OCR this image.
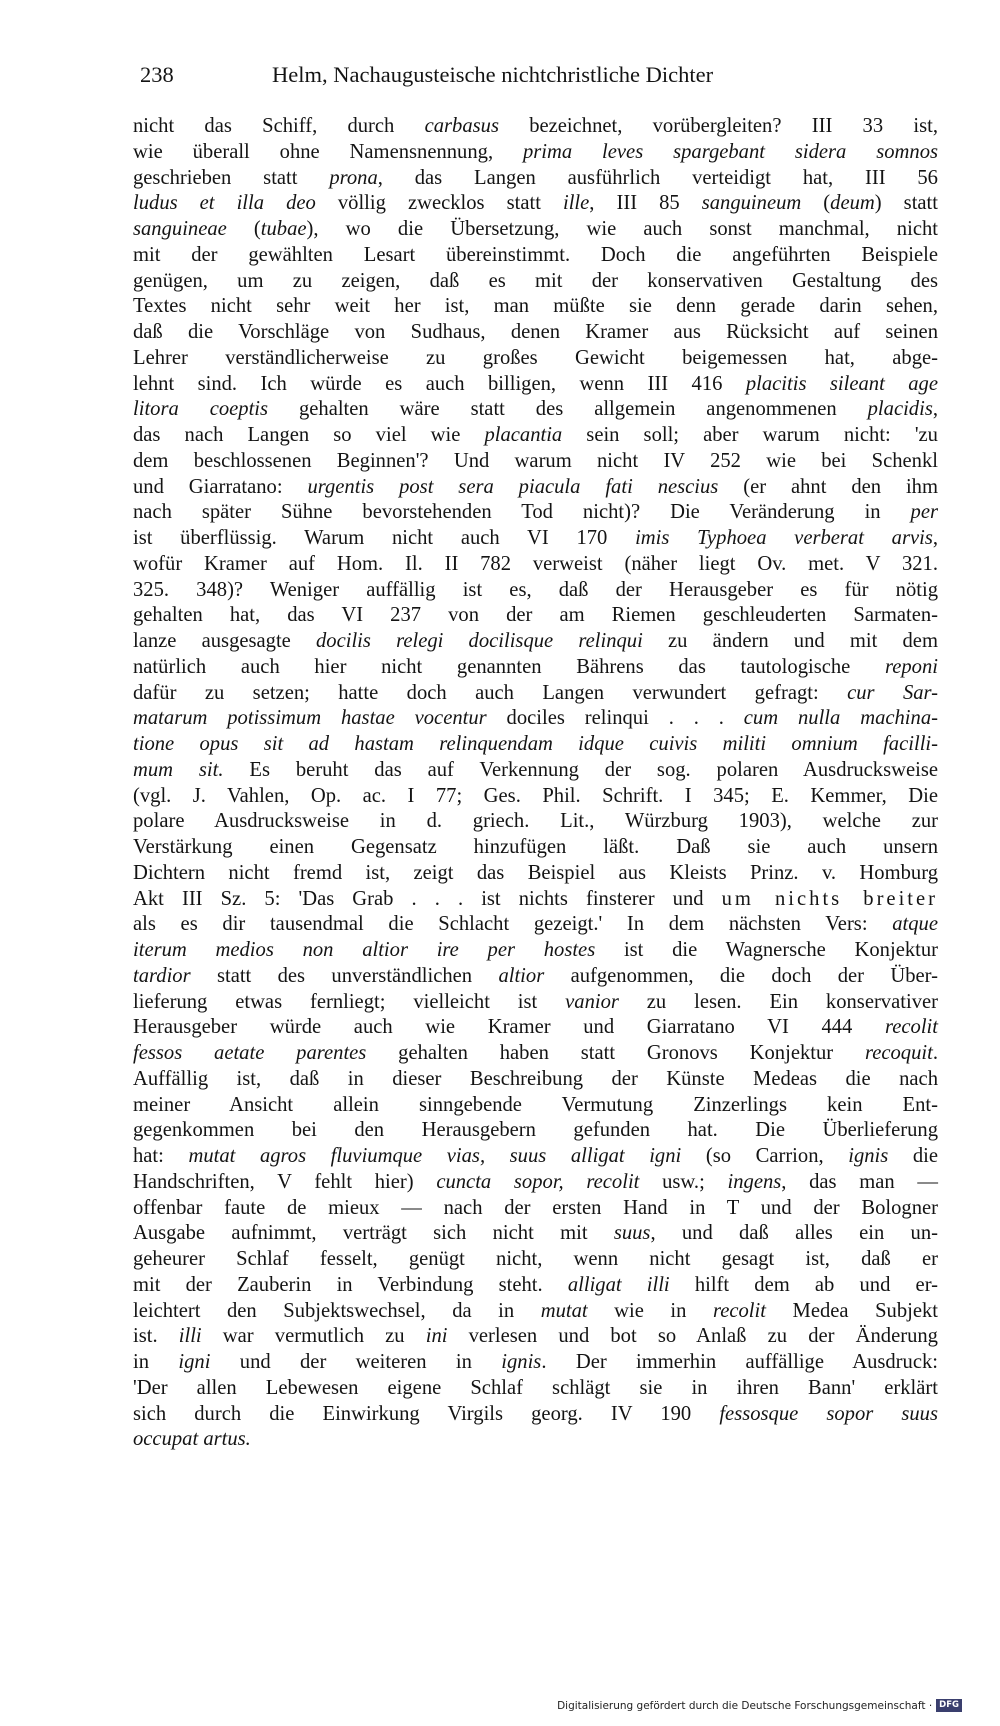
238	Helm, Nachaugusteische nichtchristliche Dichter

nicht das Schiff, durch carbasus bezeichnet, vorübergleiten? III 33 ist,
wie überall ohne Namensnennung, prima leves spargebant sidera somnos
geschrieben statt prona, das Langen ausführlich verteidigt hat, III 56
ludus et illa deo völlig zwecklos statt ille, III 85 sanguineum (deum) statt
sanguineae (tubae), wo die Übersetzung, wie auch sonst manchmal, nicht
mit der gewählten Lesart übereinstimmt. Doch die angeführten Beispiele
genügen, um zu zeigen, daß es mit der konservativen Gestaltung des
Textes nicht sehr weit her ist, man müßte sie denn gerade darin sehen,
daß die Vorschläge von Sudhaus, denen Kramer aus Rücksicht auf seinen
Lehrer verständlicherweise zu großes Gewicht beigemessen hat, abge-
lehnt sind. Ich würde es auch billigen, wenn III 416 placitis sileant age
litora coeptis gehalten wäre statt des allgemein angenommenen placidis,
das nach Langen so viel wie placantia sein soll; aber warum nicht: 'zu
dem beschlossenen Beginnen'? Und warum nicht IV 252 wie bei Schenkl
und Giarratano: urgentis post sera piacula fati nescius (er ahnt den ihm
nach später Sühne bevorstehenden Tod nicht)? Die Veränderung in per
ist überflüssig. Warum nicht auch VI 170 imis Typhoea verberat arvis,
wofür Kramer auf Hom. Il. II 782 verweist (näher liegt Ov. met. V 321.
325. 348)? Weniger auffällig ist es, daß der Herausgeber es für nötig
gehalten hat, das VI 237 von der am Riemen geschleuderten Sarmaten-
lanze ausgesagte docilis relegi docilisque relinqui zu ändern und mit dem
natürlich auch hier nicht genannten Bährens das tautologische reponi
dafür zu setzen; hatte doch auch Langen verwundert gefragt: cur Sar-
matarum potissimum hastae vocentur dociles relinqui . . . cum nulla machina-
tione opus sit ad hastam relinquendam idque cuivis militi omnium facilli-
mum sit. Es beruht das auf Verkennung der sog. polaren Ausdrucksweise
(vgl. J. Vahlen, Op. ac. I 77; Ges. Phil. Schrift. I 345; E. Kemmer, Die
polare Ausdrucksweise in d. griech. Lit., Würzburg 1903), welche zur
Verstärkung einen Gegensatz hinzufügen läßt. Daß sie auch unsern
Dichtern nicht fremd ist, zeigt das Beispiel aus Kleists Prinz. v. Homburg
Akt III Sz. 5: 'Das Grab . . . ist nichts finsterer und um nichts breiter
als es dir tausendmal die Schlacht gezeigt.' In dem nächsten Vers: atque
iterum medios non altior ire per hostes ist die Wagnersche Konjektur
tardior statt des unverständlichen altior aufgenommen, die doch der Über-
lieferung etwas fernliegt; vielleicht ist vanior zu lesen. Ein konservativer
Herausgeber würde auch wie Kramer und Giarratano VI 444 recolit
fessos aetate parentes gehalten haben statt Gronovs Konjektur recoquit.
Auffällig ist, daß in dieser Beschreibung der Künste Medeas die nach
meiner Ansicht allein sinngebende Vermutung Zinzerlings kein Ent-
gegenkommen bei den Herausgebern gefunden hat. Die Überlieferung
hat: mutat agros fluviumque vias, suus alligat igni (so Carrion, ignis die
Handschriften, V fehlt hier) cuncta sopor, recolit usw.; ingens, das man —
offenbar faute de mieux — nach der ersten Hand in T und der Bologner
Ausgabe aufnimmt, verträgt sich nicht mit suus, und daß alles ein un-
geheurer Schlaf fesselt, genügt nicht, wenn nicht gesagt ist, daß er
mit der Zauberin in Verbindung steht. alligat illi hilft dem ab und er-
leichtert den Subjektswechsel, da in mutat wie in recolit Medea Subjekt
ist. illi war vermutlich zu ini verlesen und bot so Anlaß zu der Änderung
in igni und der weiteren in ignis. Der immerhin auffällige Ausdruck:
'Der allen Lebewesen eigene Schlaf schlägt sie in ihren Bann' erklärt
sich durch die Einwirkung Virgils georg. IV 190 fessosque sopor suus
occupat artus.

Digitalisierung gefördert durch die Deutsche Forschungsgemeinschaft · DFG
